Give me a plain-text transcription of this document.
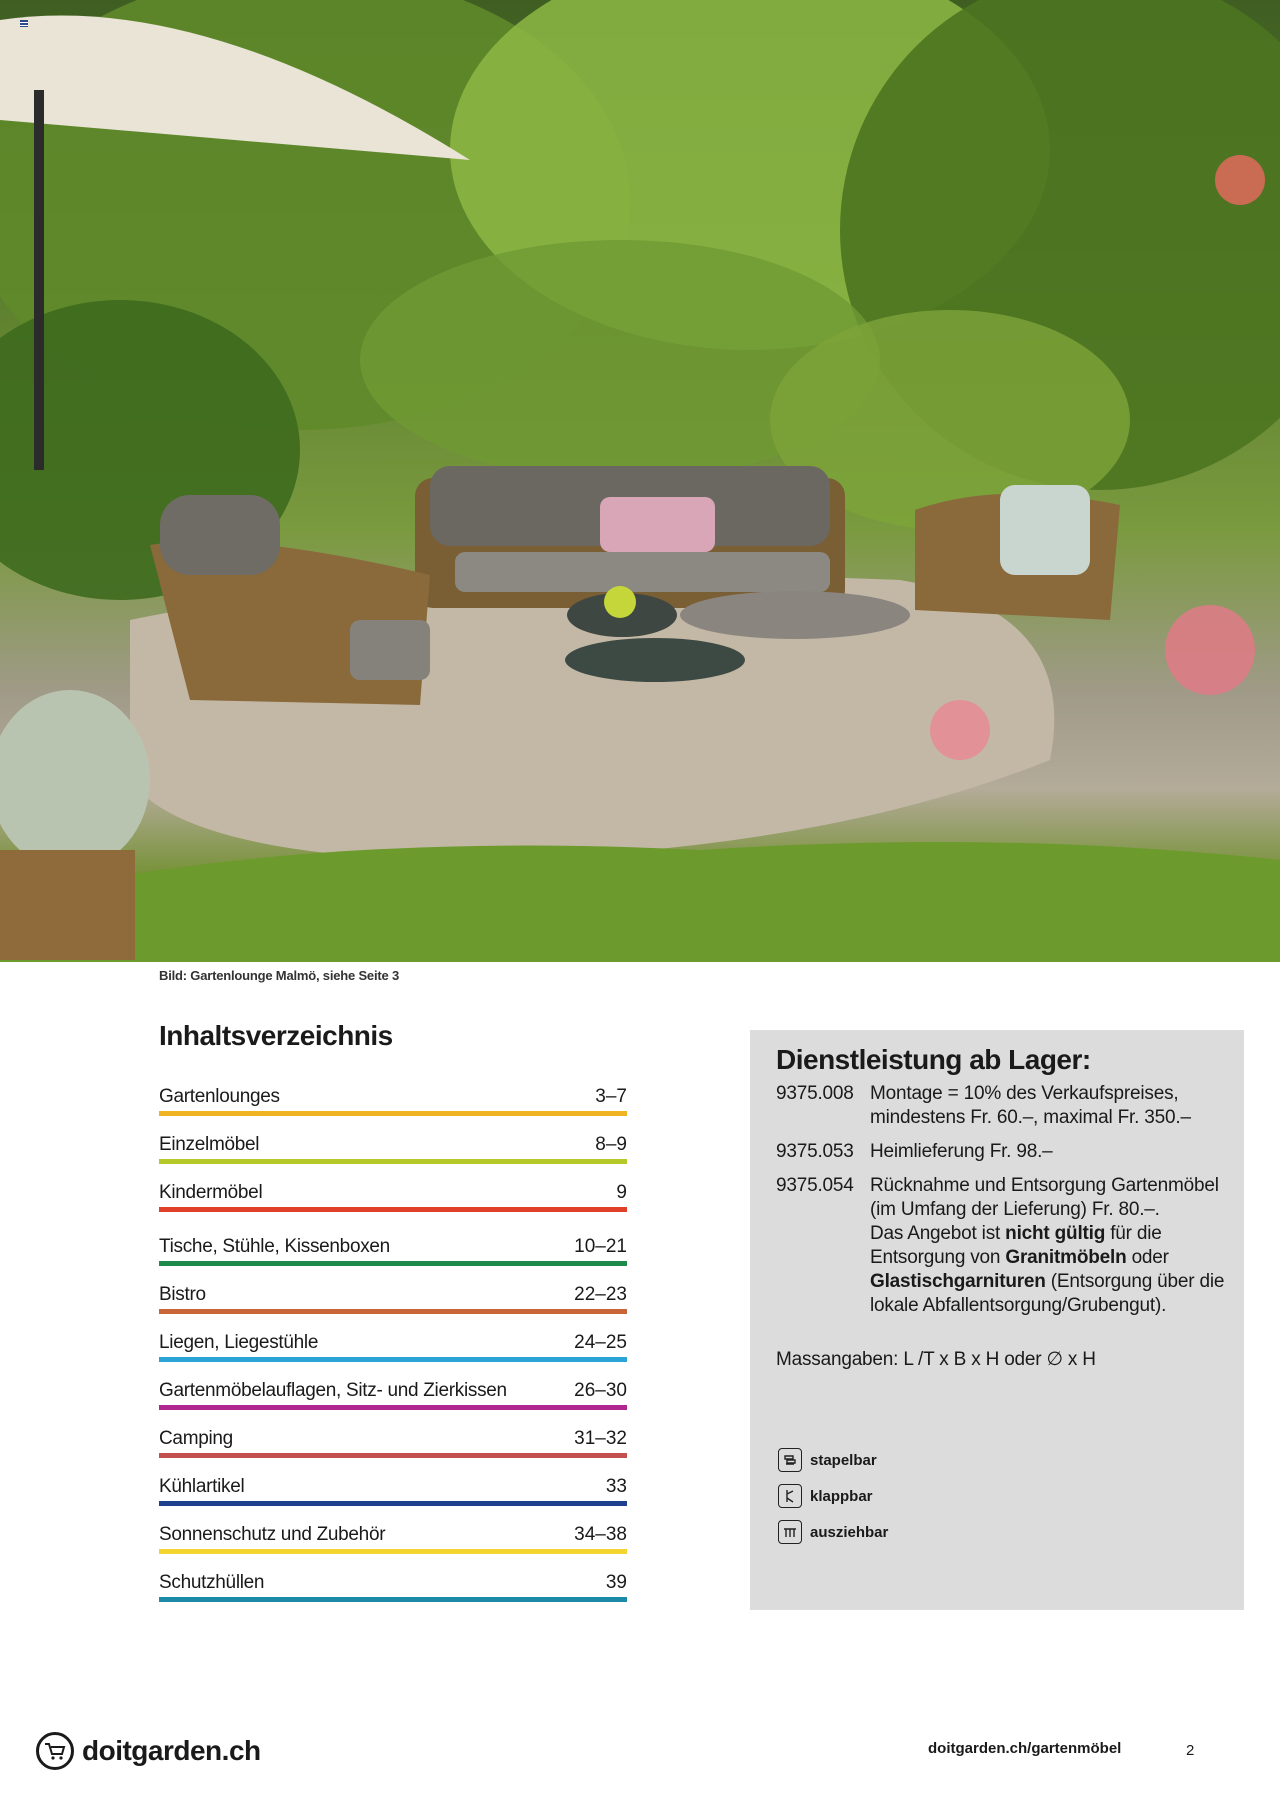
Bild: Gartenlounge Malmö, siehe Seite 3
Inhaltsverzeichnis
Gartenlounges	3–7
Einzelmöbel	8–9
Kindermöbel	9
Tische, Stühle, Kissenboxen	10–21
Bistro	22–23
Liegen, Liegestühle	24–25
Gartenmöbelauflagen, Sitz- und Zierkissen	26–30
Camping	31–32
Kühlartikel	33
Sonnenschutz und Zubehör	34–38
Schutzhüllen	39
Dienstleistung ab Lager:
9375.008 Montage = 10% des Verkaufspreises, mindestens Fr. 60.–, maximal Fr. 350.–
9375.053 Heimlieferung Fr. 98.–
9375.054 Rücknahme und Entsorgung Gartenmöbel (im Umfang der Lieferung) Fr. 80.–.
Das Angebot ist nicht gültig für die Entsorgung von Granitmöbeln oder Glastischgarnituren (Entsorgung über die lokale Abfallentsorgung/Grubengut).
Massangaben: L /T x B x H oder ∅ x H
stapelbar
klappbar
ausziehbar
doitgarden.ch	doitgarden.ch/gartenmöbel	2
